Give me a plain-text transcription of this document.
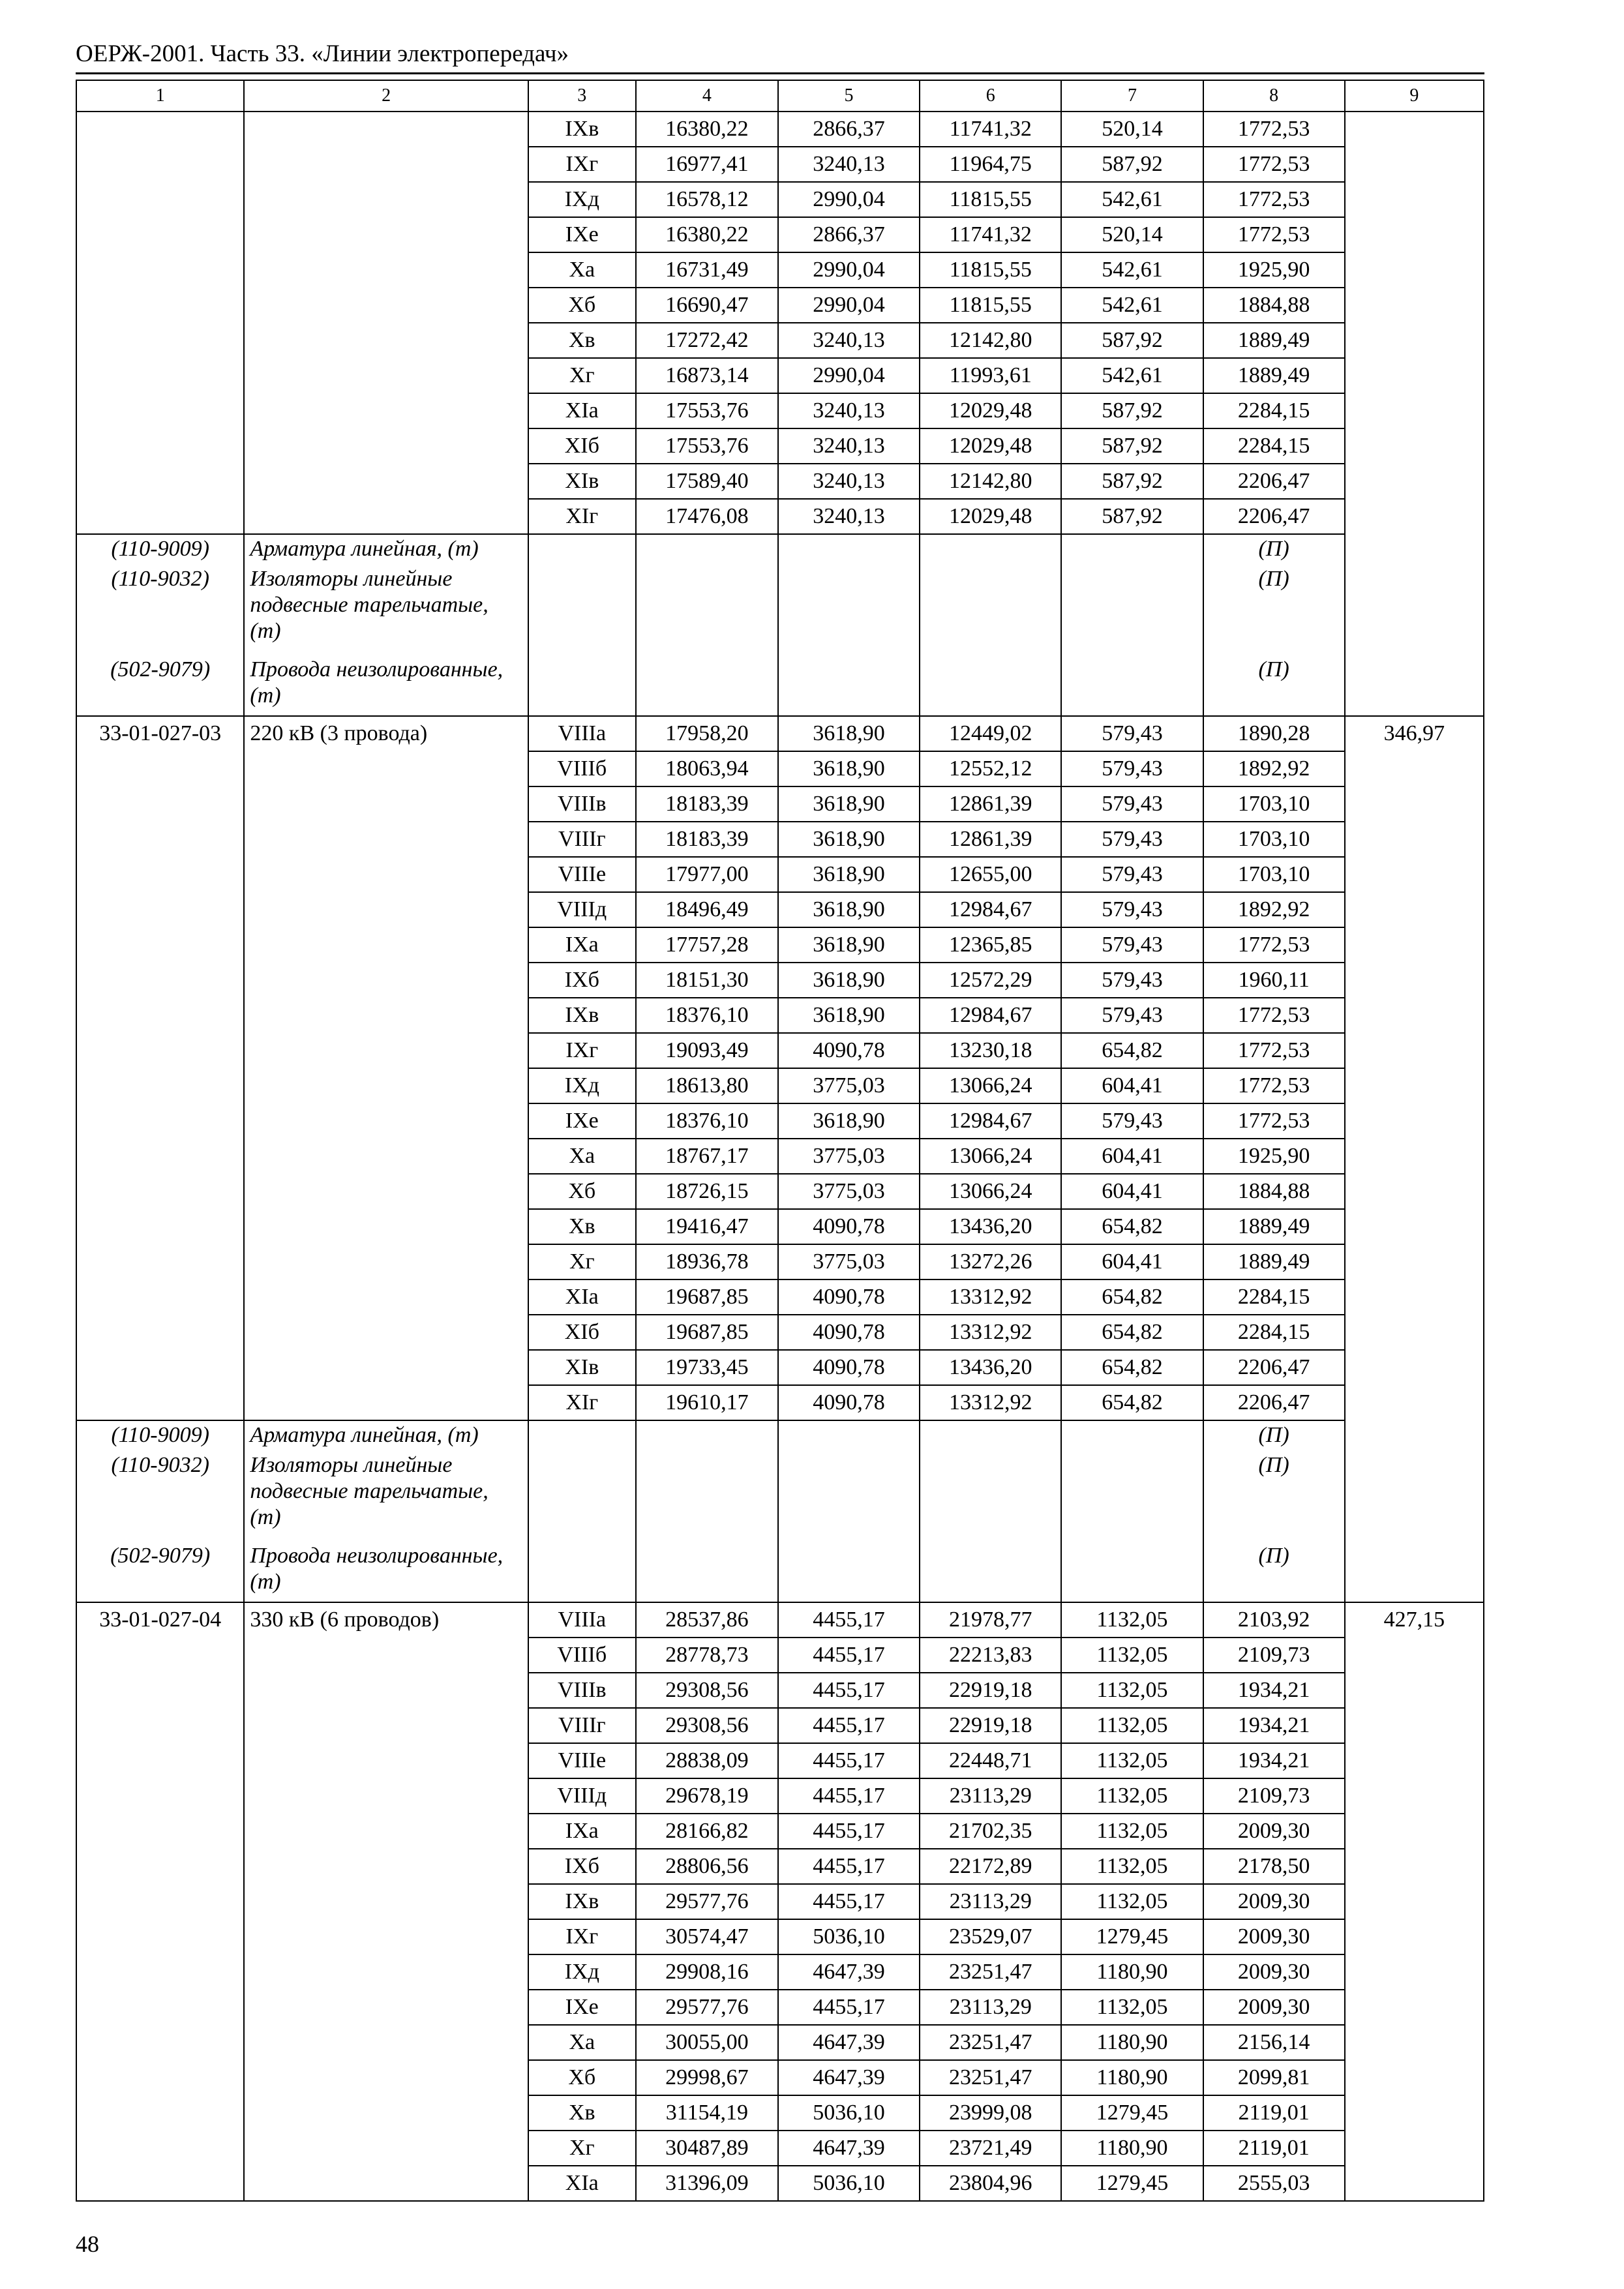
ОЕРЖ-2001. Часть 33. «Линии электропередач»
1	2	3	4	5	6	7	8	9
		IXв	16380,22	2866,37	11741,32	520,14	1772,53	
		IXг	16977,41	3240,13	11964,75	587,92	1772,53	
		IXд	16578,12	2990,04	11815,55	542,61	1772,53	
		IXе	16380,22	2866,37	11741,32	520,14	1772,53	
		Xа	16731,49	2990,04	11815,55	542,61	1925,90	
		Xб	16690,47	2990,04	11815,55	542,61	1884,88	
		Xв	17272,42	3240,13	12142,80	587,92	1889,49	
		Xг	16873,14	2990,04	11993,61	542,61	1889,49	
		XIа	17553,76	3240,13	12029,48	587,92	2284,15	
		XIб	17553,76	3240,13	12029,48	587,92	2284,15	
		XIв	17589,40	3240,13	12142,80	587,92	2206,47	
		XIг	17476,08	3240,13	12029,48	587,92	2206,47	
(110-9009)	Арматура линейная, (т)						(П)	
(110-9032)	Изоляторы линейные подвесные тарельчатые, (т)						(П)	
(502-9079)	Провода неизолированные, (т)						(П)	
33-01-027-03	220 кВ (3 провода)	VIIIа	17958,20	3618,90	12449,02	579,43	1890,28	346,97
		VIIIб	18063,94	3618,90	12552,12	579,43	1892,92	
		VIIIв	18183,39	3618,90	12861,39	579,43	1703,10	
		VIIIг	18183,39	3618,90	12861,39	579,43	1703,10	
		VIIIе	17977,00	3618,90	12655,00	579,43	1703,10	
		VIIIд	18496,49	3618,90	12984,67	579,43	1892,92	
		IXа	17757,28	3618,90	12365,85	579,43	1772,53	
		IXб	18151,30	3618,90	12572,29	579,43	1960,11	
		IXв	18376,10	3618,90	12984,67	579,43	1772,53	
		IXг	19093,49	4090,78	13230,18	654,82	1772,53	
		IXд	18613,80	3775,03	13066,24	604,41	1772,53	
		IXе	18376,10	3618,90	12984,67	579,43	1772,53	
		Xа	18767,17	3775,03	13066,24	604,41	1925,90	
		Xб	18726,15	3775,03	13066,24	604,41	1884,88	
		Xв	19416,47	4090,78	13436,20	654,82	1889,49	
		Xг	18936,78	3775,03	13272,26	604,41	1889,49	
		XIа	19687,85	4090,78	13312,92	654,82	2284,15	
		XIб	19687,85	4090,78	13312,92	654,82	2284,15	
		XIв	19733,45	4090,78	13436,20	654,82	2206,47	
		XIг	19610,17	4090,78	13312,92	654,82	2206,47	
(110-9009)	Арматура линейная, (т)						(П)	
(110-9032)	Изоляторы линейные подвесные тарельчатые, (т)						(П)	
(502-9079)	Провода неизолированные, (т)						(П)	
33-01-027-04	330 кВ (6 проводов)	VIIIа	28537,86	4455,17	21978,77	1132,05	2103,92	427,15
		VIIIб	28778,73	4455,17	22213,83	1132,05	2109,73	
		VIIIв	29308,56	4455,17	22919,18	1132,05	1934,21	
		VIIIг	29308,56	4455,17	22919,18	1132,05	1934,21	
		VIIIе	28838,09	4455,17	22448,71	1132,05	1934,21	
		VIIIд	29678,19	4455,17	23113,29	1132,05	2109,73	
		IXа	28166,82	4455,17	21702,35	1132,05	2009,30	
		IXб	28806,56	4455,17	22172,89	1132,05	2178,50	
		IXв	29577,76	4455,17	23113,29	1132,05	2009,30	
		IXг	30574,47	5036,10	23529,07	1279,45	2009,30	
		IXд	29908,16	4647,39	23251,47	1180,90	2009,30	
		IXе	29577,76	4455,17	23113,29	1132,05	2009,30	
		Xа	30055,00	4647,39	23251,47	1180,90	2156,14	
		Xб	29998,67	4647,39	23251,47	1180,90	2099,81	
		Xв	31154,19	5036,10	23999,08	1279,45	2119,01	
		Xг	30487,89	4647,39	23721,49	1180,90	2119,01	
		XIа	31396,09	5036,10	23804,96	1279,45	2555,03	
48
